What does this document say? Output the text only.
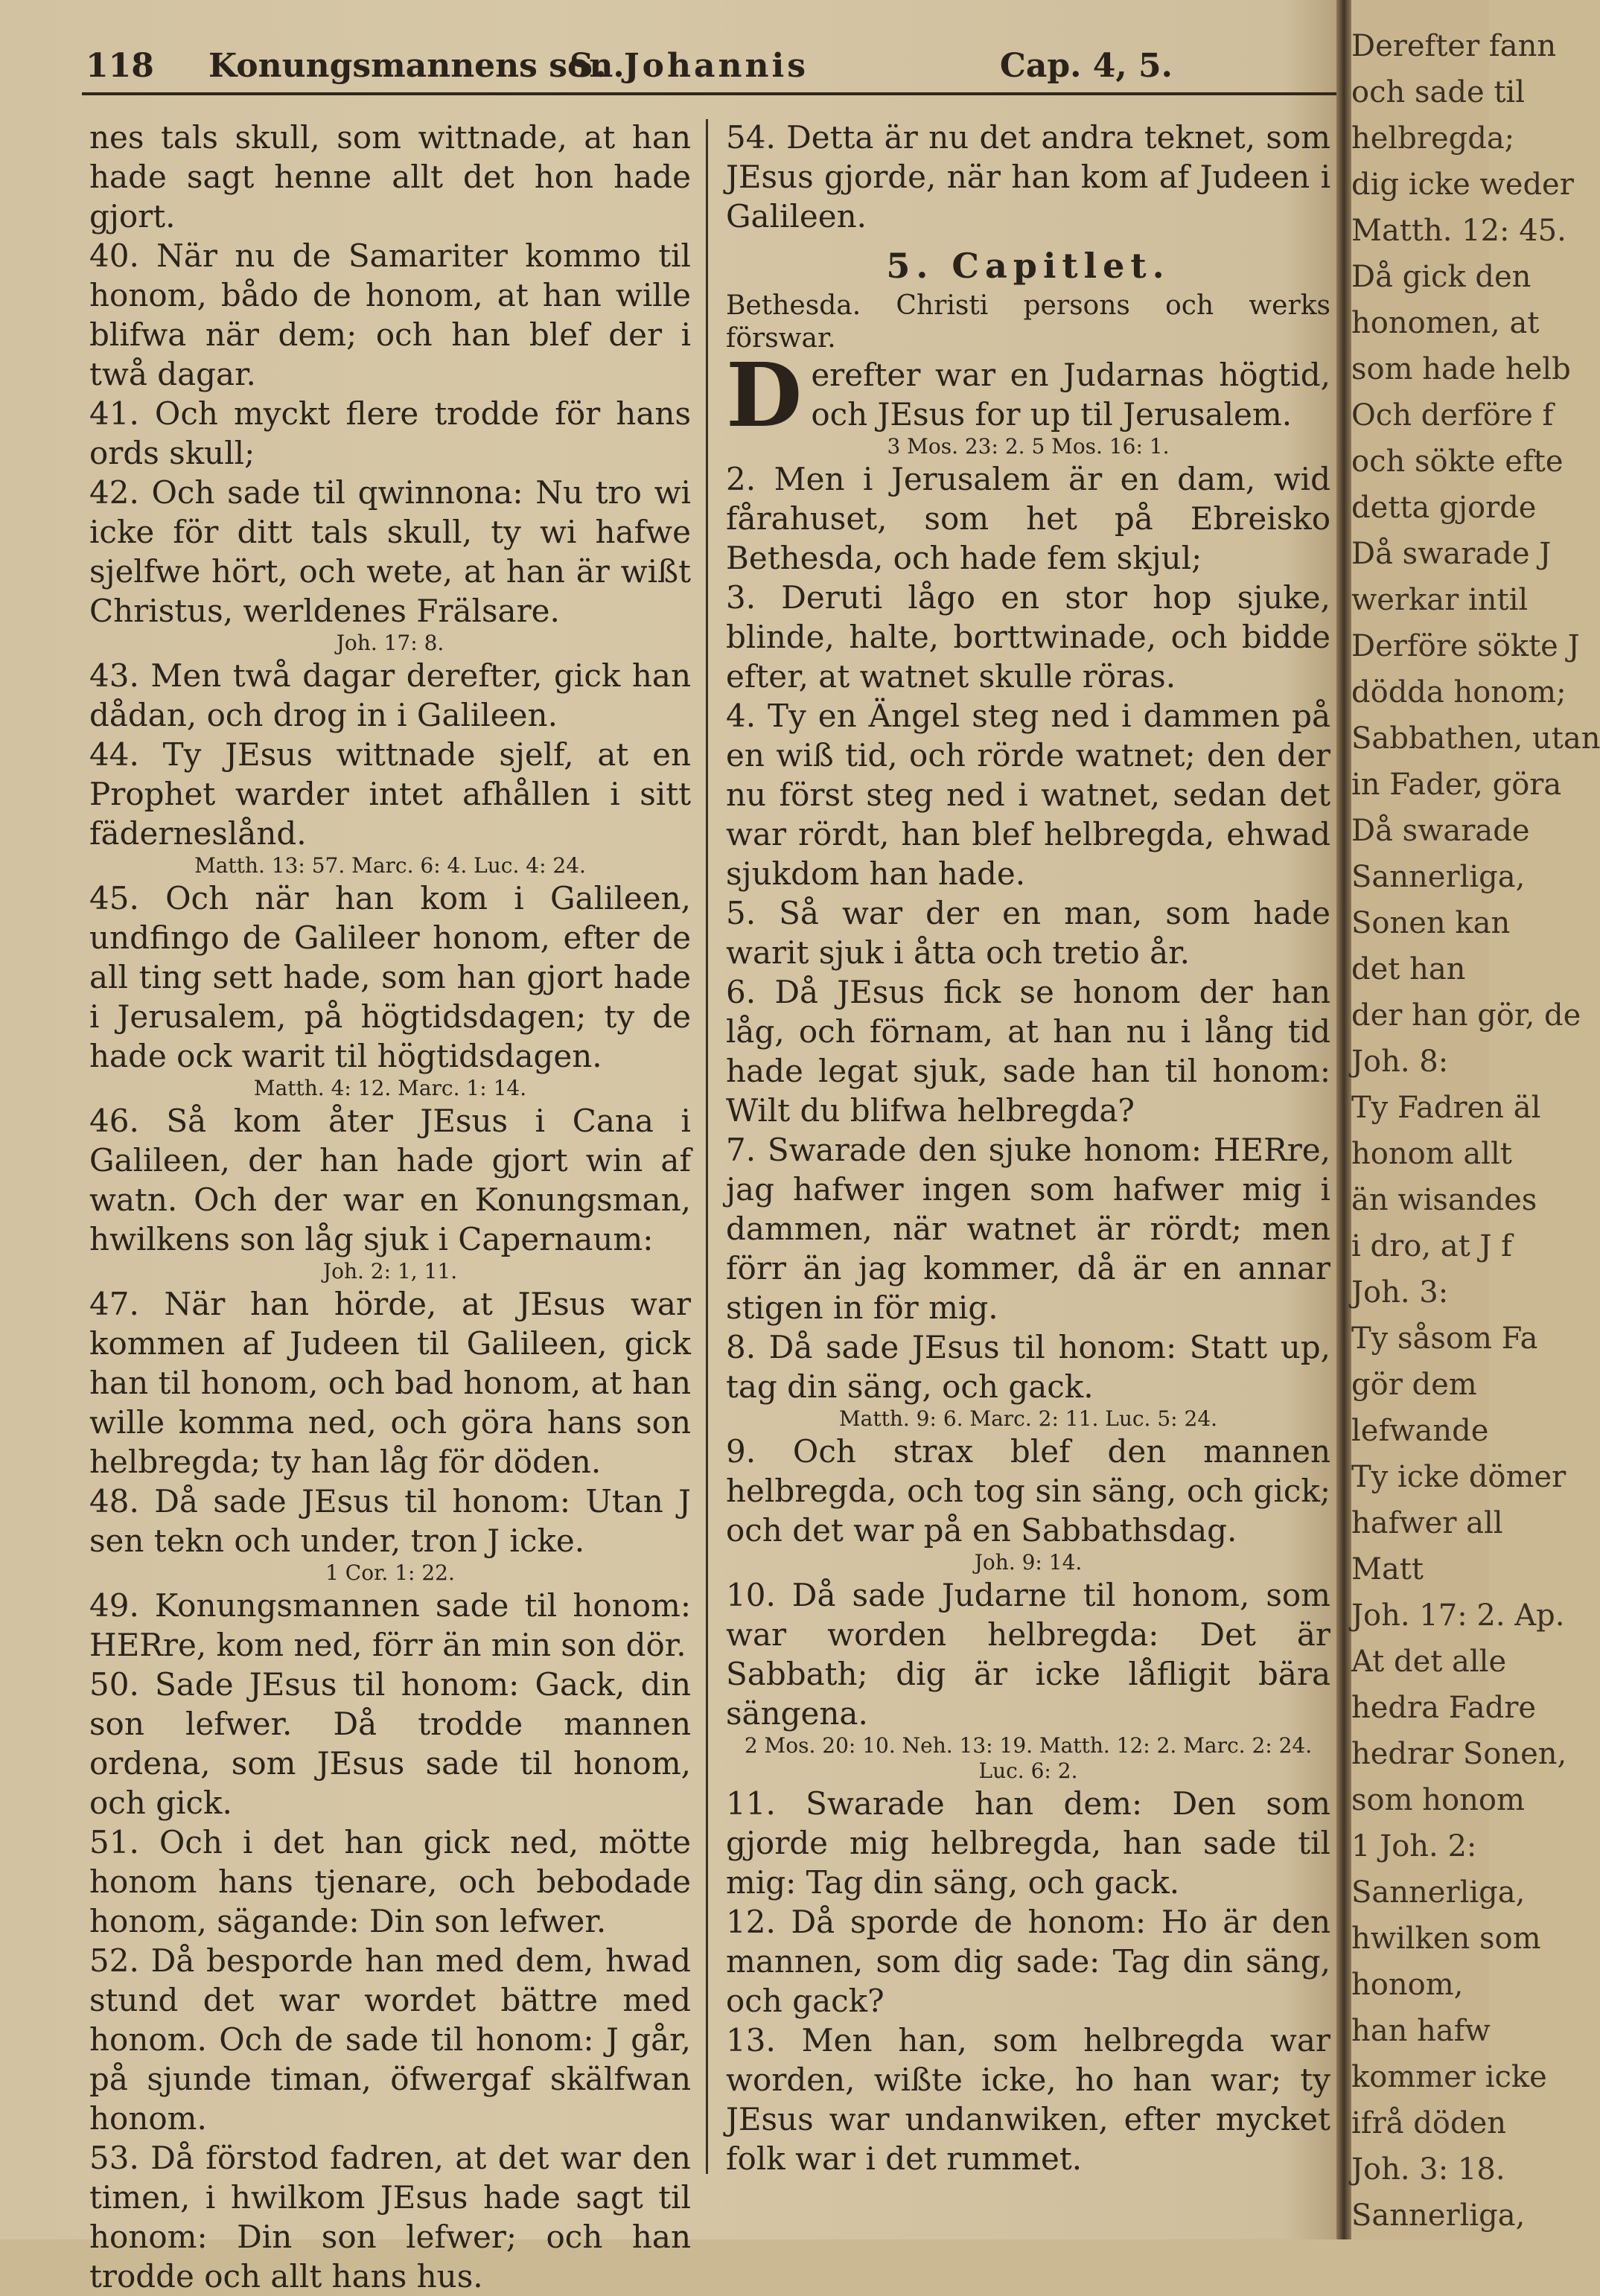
118 Konungsmannens son.
S. Johannis	Cap. 4, 5.

nes tals skull, som wittnade, at han hade sagt henne allt det hon hade gjort.

40. När nu de Samariter kommo til honom, bådo de honom, at han wille blifwa när dem; och han blef der i twå dagar.

41. Och myckt flere trodde för hans ords skull;

42. Och sade til qwinnona: Nu tro wi icke för ditt tals skull, ty wi hafwe sjelfwe hört, och wete, at han är wißt Christus, werldenes Frälsare.

Joh. 17: 8.

43. Men twå dagar derefter, gick han dådan, och drog in i Galileen.

44. Ty JEsus wittnade sjelf, at en Prophet warder intet afhållen i sitt fäderneslånd.

Matth. 13: 57. Marc. 6: 4. Luc. 4: 24.

45. Och när han kom i Galileen, undfingo de Galileer honom, efter de all ting sett hade, som han gjort hade i Jerusalem, på högtidsdagen; ty de hade ock warit til högtidsdagen.

Matth. 4: 12. Marc. 1: 14.

46. Så kom åter JEsus i Cana i Galileen, der han hade gjort win af watn. Och der war en Konungsman, hwilkens son låg sjuk i Capernaum:

Joh. 2: 1, 11.

47. När han hörde, at JEsus war kommen af Judeen til Galileen, gick han til honom, och bad honom, at han wille komma ned, och göra hans son helbregda; ty han låg för döden.

48. Då sade JEsus til honom: Utan J sen tekn och under, tron J icke.

1 Cor. 1: 22.

49. Konungsmannen sade til honom: HERre, kom ned, förr än min son dör.

50. Sade JEsus til honom: Gack, din son lefwer. Då trodde mannen ordena, som JEsus sade til honom, och gick.

51. Och i det han gick ned, mötte honom hans tjenare, och bebodade honom, sägande: Din son lefwer.

52. Då besporde han med dem, hwad stund det war wordet bättre med honom. Och de sade til honom: J går, på sjunde timan, öfwergaf skälfwan honom.

53. Då förstod fadren, at det war den timen, i hwilkom JEsus hade sagt til honom: Din son lefwer; och han trodde och allt hans hus.

54. Detta är nu det andra teknet, som JEsus gjorde, när han kom af Judeen i Galileen.

5. Capitlet.

Bethesda. Christi persons och werks förswar.

Derefter war en Judarnas högtid, och JEsus for up til Jerusalem.

3 Mos. 23: 2. 5 Mos. 16: 1.

2. Men i Jerusalem är en dam, wid fårahuset, som het på Ebreisko Bethesda, och hade fem skjul;

3. Deruti lågo en stor hop sjuke, blinde, halte, borttwinade, och bidde efter, at watnet skulle röras.

4. Ty en Ängel steg ned i dammen på en wiß tid, och rörde watnet; den der nu först steg ned i watnet, sedan det war rördt, han blef helbregda, ehwad sjukdom han hade.

5. Så war der en man, som hade warit sjuk i åtta och tretio år.

6. Då JEsus fick se honom der han låg, och förnam, at han nu i lång tid hade legat sjuk, sade han til honom: Wilt du blifwa helbregda?

7. Swarade den sjuke honom: HERre, jag hafwer ingen som hafwer mig i dammen, när watnet är rördt; men förr än jag kommer, då är en annar stigen in för mig.

8. Då sade JEsus til honom: Statt up, tag din säng, och gack.

Matth. 9: 6. Marc. 2: 11. Luc. 5: 24.

9. Och strax blef den mannen helbregda, och tog sin säng, och gick; och det war på en Sabbathsdag.

Joh. 9: 14.

10. Då sade Judarne til honom, som war worden helbregda: Det är Sabbath; dig är icke låfligit bära sängena.

2 Mos. 20: 10. Neh. 13: 19. Matth. 12: 2. Marc. 2: 24. Luc. 6: 2.

11. Swarade han dem: Den som gjorde mig helbregda, han sade til mig: Tag din säng, och gack.

12. Då sporde de honom: Ho är den mannen, som dig sade: Tag din säng, och gack?

13. Men han, som helbregda war worden, wißte icke, ho han war; ty JEsus war undanwiken, efter mycket folk war i det rummet.

Derefter fann
och sade til
helbregda;
dig icke weder
Matth. 12: 45.
Då gick den
honomen, at
som hade helb
Och derföre f
och sökte efte
detta gjorde
Då swarade J
werkar intil
Derföre sökte J
dödda honom;
Sabbathen, utan
in Fader, göra
Då swarade
Sannerliga,
Sonen kan
det han
der han gör, de
Joh. 8:
Ty Fadren äl
honom allt
än wisandes
i dro, at J f
Joh. 3:
Ty såsom Fa
gör dem
lefwande
Ty icke dömer
hafwer all
Matt
Joh. 17: 2. Ap.
At det alle
hedra Fadre
hedrar Sonen,
som honom
1 Joh. 2:
Sannerliga,
hwilken som
honom,
han hafw
kommer icke
ifrå döden
Joh. 3: 18.
Sannerliga,
